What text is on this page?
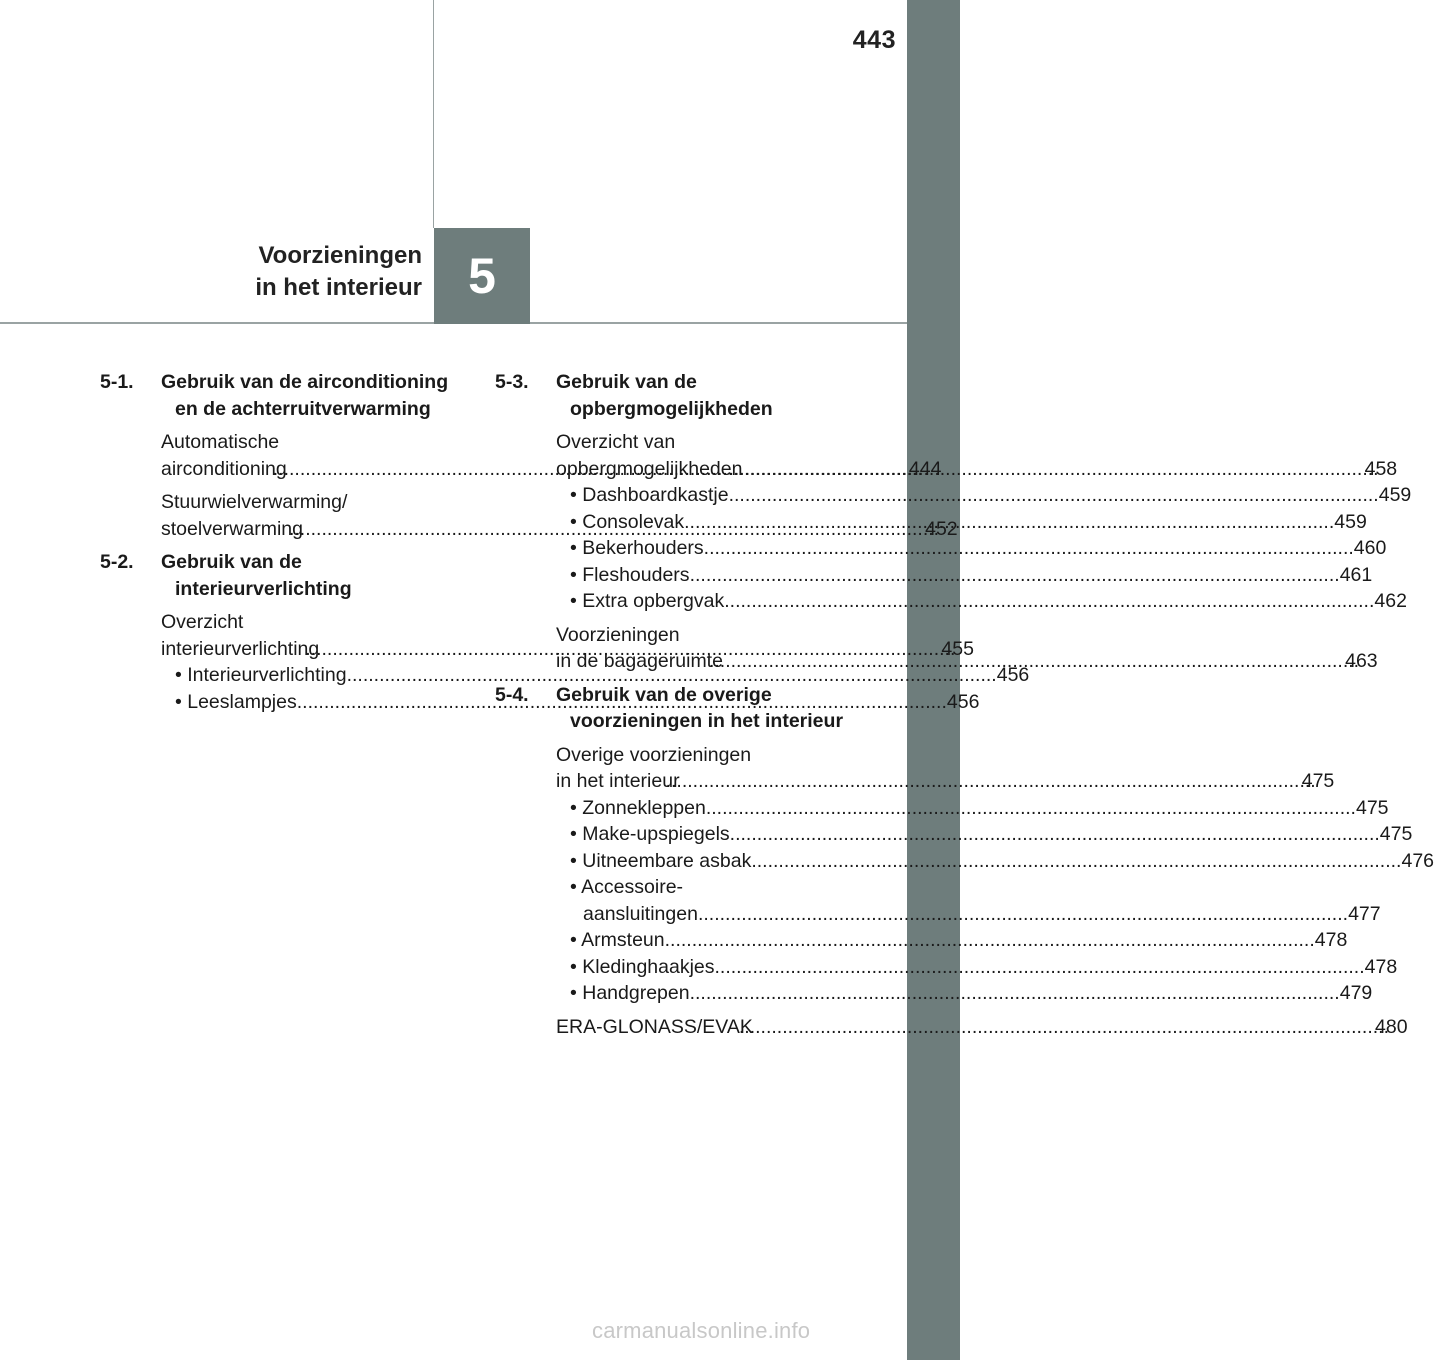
443
Voorzieningen
in het interieur 5
5-1.	Gebruik van de airconditioning en de achterruitverwarming
Automatische
airconditioning .....	444
Stuurwielverwarming/
stoelverwarming .....	452
5-2.	Gebruik van de interieurverlichting
Overzicht
interieurverlichting .....	455
• Interieurverlichting .....	456
• Leeslampjes .....	456
5-3.	Gebruik van de opbergmogelijkheden
Overzicht van
opbergmogelijkheden .....	458
• Dashboardkastje .....	459
• Consolevak .....	459
• Bekerhouders .....	460
• Fleshouders .....	461
• Extra opbergvak .....	462
Voorzieningen
in de bagageruimte .....	463
5-4.	Gebruik van de overige voorzieningen in het interieur
Overige voorzieningen
in het interieur .....	475
• Zonnekleppen .....	475
• Make-upspiegels .....	475
• Uitneembare asbak .....	476
• Accessoire-
aansluitingen .....	477
• Armsteun .....	478
• Kledinghaakjes .....	478
• Handgrepen .....	479
ERA-GLONASS/EVAK .....	480
carmanualsonline.info
